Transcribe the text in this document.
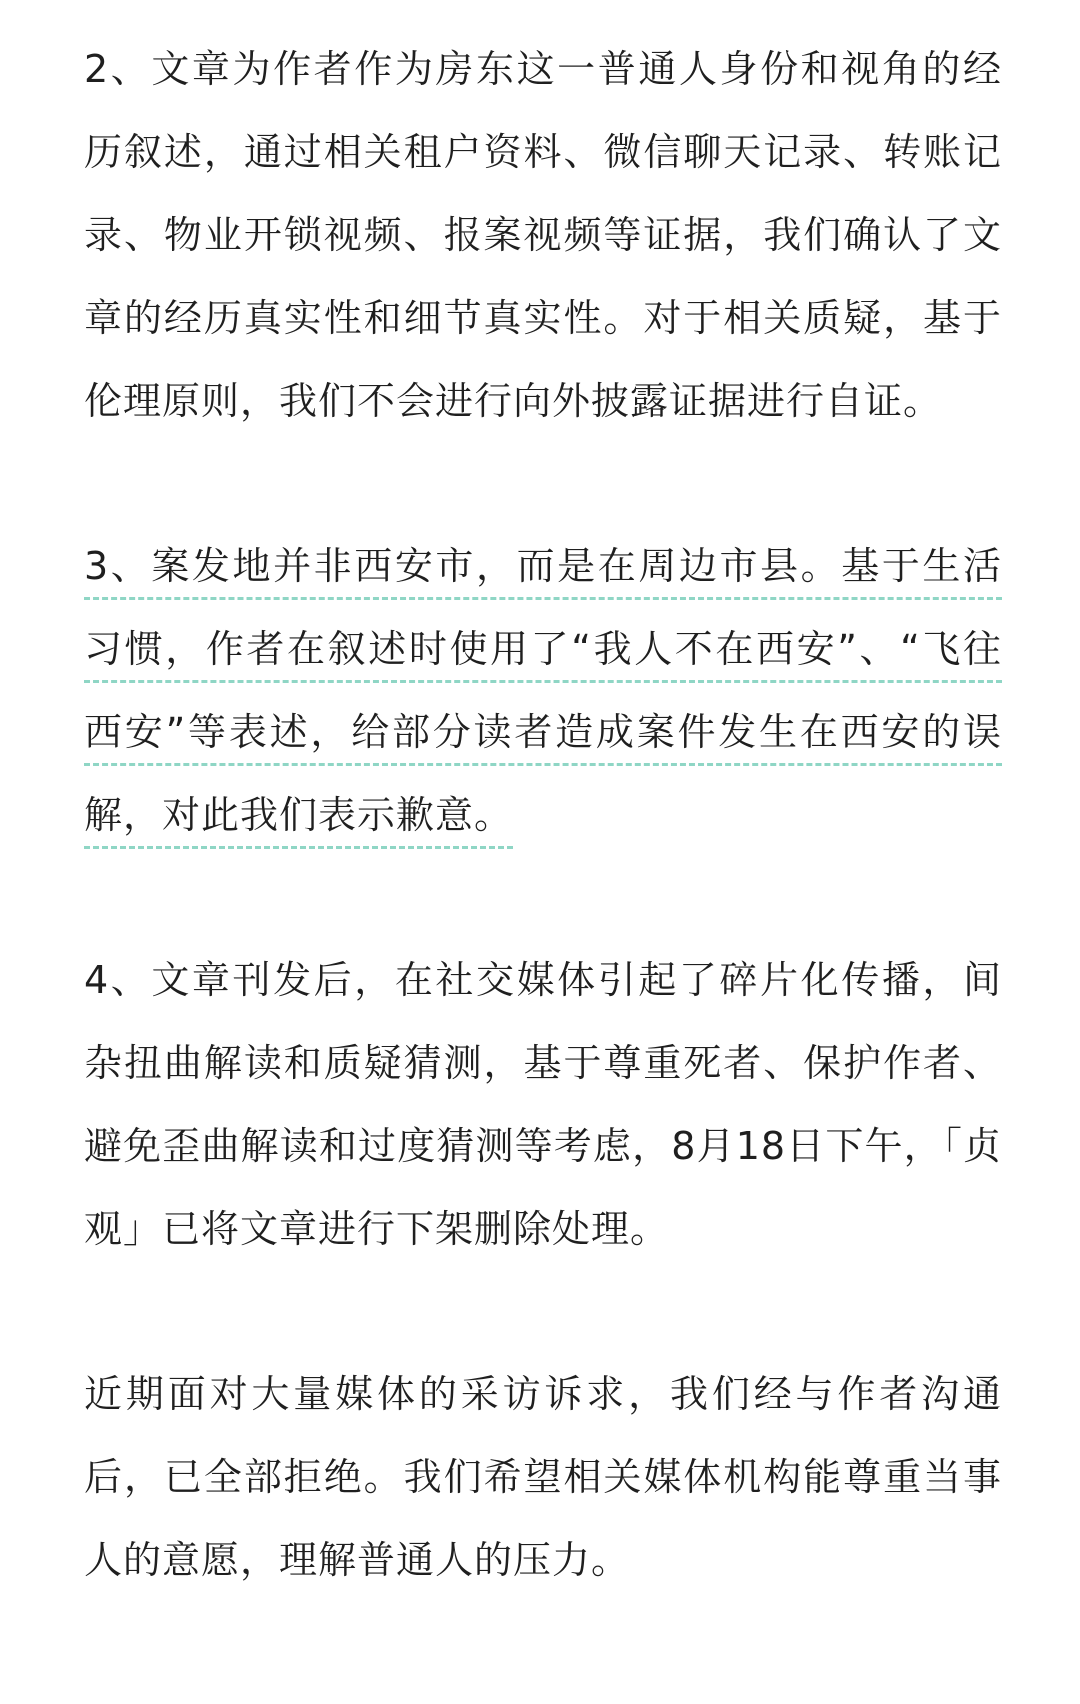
2、文章为作者作为房东这一普通人身份和视角的经历叙述，通过相关租户资料、微信聊天记录、转账记录、物业开锁视频、报案视频等证据，我们确认了文章的经历真实性和细节真实性。对于相关质疑，基于伦理原则，我们不会进行向外披露证据进行自证。

3、案发地并非西安市，而是在周边市县。基于生活习惯，作者在叙述时使用了“我人不在西安”、“飞往西安”等表述，给部分读者造成案件发生在西安的误解，对此我们表示歉意。

4、文章刊发后，在社交媒体引起了碎片化传播，间杂扭曲解读和质疑猜测，基于尊重死者、保护作者、避免歪曲解读和过度猜测等考虑，8月18日下午，「贞观」已将文章进行下架删除处理。

近期面对大量媒体的采访诉求，我们经与作者沟通后，已全部拒绝。我们希望相关媒体机构能尊重当事人的意愿，理解普通人的压力。
